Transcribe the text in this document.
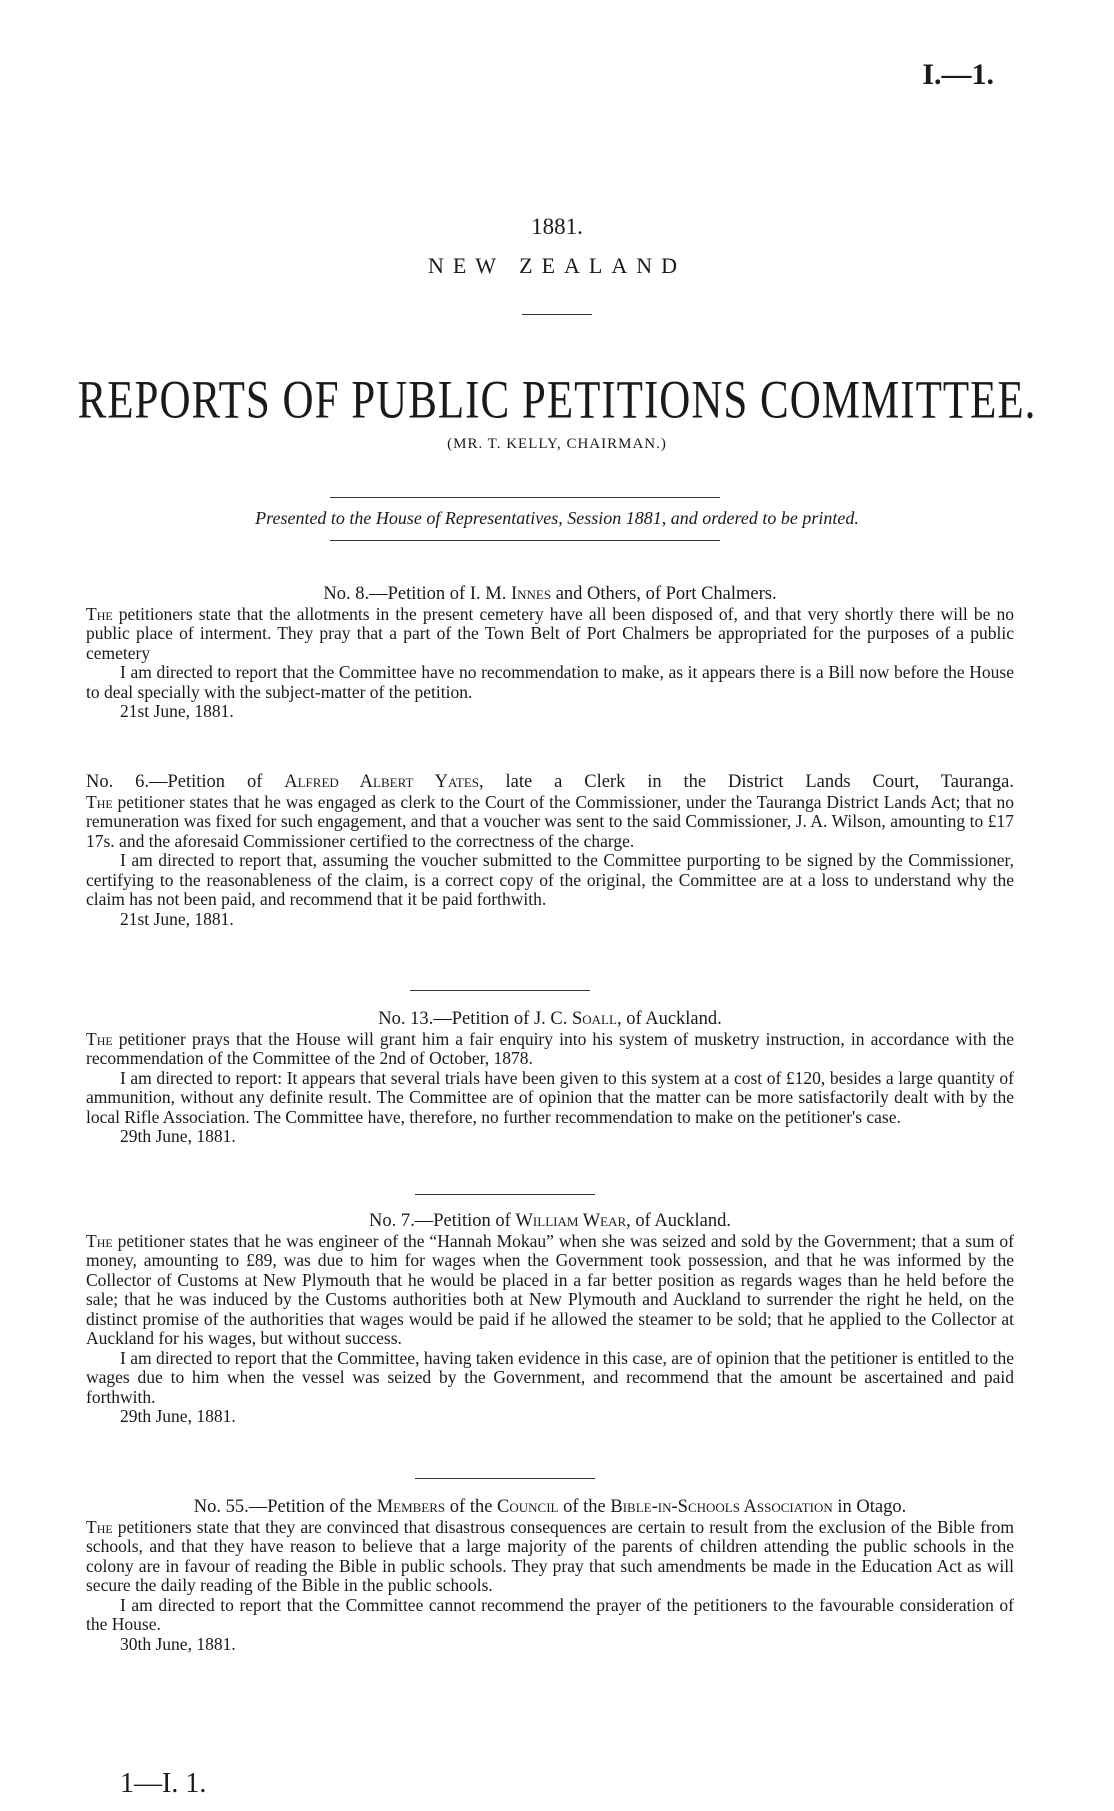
I.—1.
1881.
NEW ZEALAND
REPORTS OF PUBLIC PETITIONS COMMITTEE.
(MR. T. KELLY, CHAIRMAN.)
Presented to the House of Representatives, Session 1881, and ordered to be printed.

No. 8.—Petition of I. M. Innes and Others, of Port Chalmers.

The petitioners state that the allotments in the present cemetery have all been disposed of, and that very shortly there will be no public place of interment. They pray that a part of the Town Belt of Port Chalmers be appropriated for the purposes of a public cemetery

I am directed to report that the Committee have no recommendation to make, as it appears there is a Bill now before the House to deal specially with the subject-matter of the petition.

21st June, 1881.

No. 6.—Petition of Alfred Albert Yates, late a Clerk in the District Lands Court, Tauranga.

The petitioner states that he was engaged as clerk to the Court of the Commissioner, under the Tauranga District Lands Act; that no remuneration was fixed for such engagement, and that a voucher was sent to the said Commissioner, J. A. Wilson, amounting to £17 17s. and the aforesaid Commissioner certified to the correctness of the charge.

I am directed to report that, assuming the voucher submitted to the Committee purporting to be signed by the Commissioner, certifying to the reasonableness of the claim, is a correct copy of the original, the Committee are at a loss to understand why the claim has not been paid, and recommend that it be paid forthwith.

21st June, 1881.

No. 13.—Petition of J. C. Soall, of Auckland.

The petitioner prays that the House will grant him a fair enquiry into his system of musketry instruction, in accordance with the recommendation of the Committee of the 2nd of October, 1878.

I am directed to report: It appears that several trials have been given to this system at a cost of £120, besides a large quantity of ammunition, without any definite result. The Committee are of opinion that the matter can be more satisfactorily dealt with by the local Rifle Association. The Committee have, therefore, no further recommendation to make on the petitioner's case.

29th June, 1881.

No. 7.—Petition of William Wear, of Auckland.

The petitioner states that he was engineer of the “Hannah Mokau” when she was seized and sold by the Government; that a sum of money, amounting to £89, was due to him for wages when the Government took possession, and that he was informed by the Collector of Customs at New Plymouth that he would be placed in a far better position as regards wages than he held before the sale; that he was induced by the Customs authorities both at New Plymouth and Auckland to surrender the right he held, on the distinct promise of the authorities that wages would be paid if he allowed the steamer to be sold; that he applied to the Collector at Auckland for his wages, but without success.

I am directed to report that the Committee, having taken evidence in this case, are of opinion that the petitioner is entitled to the wages due to him when the vessel was seized by the Government, and recommend that the amount be ascertained and paid forthwith.

29th June, 1881.

No. 55.—Petition of the Members of the Council of the Bible-in-Schools Association in Otago.

The petitioners state that they are convinced that disastrous consequences are certain to result from the exclusion of the Bible from schools, and that they have reason to believe that a large majority of the parents of children attending the public schools in the colony are in favour of reading the Bible in public schools. They pray that such amendments be made in the Education Act as will secure the daily reading of the Bible in the public schools.

I am directed to report that the Committee cannot recommend the prayer of the petitioners to the favourable consideration of the House.

30th June, 1881.

1—I. 1.
